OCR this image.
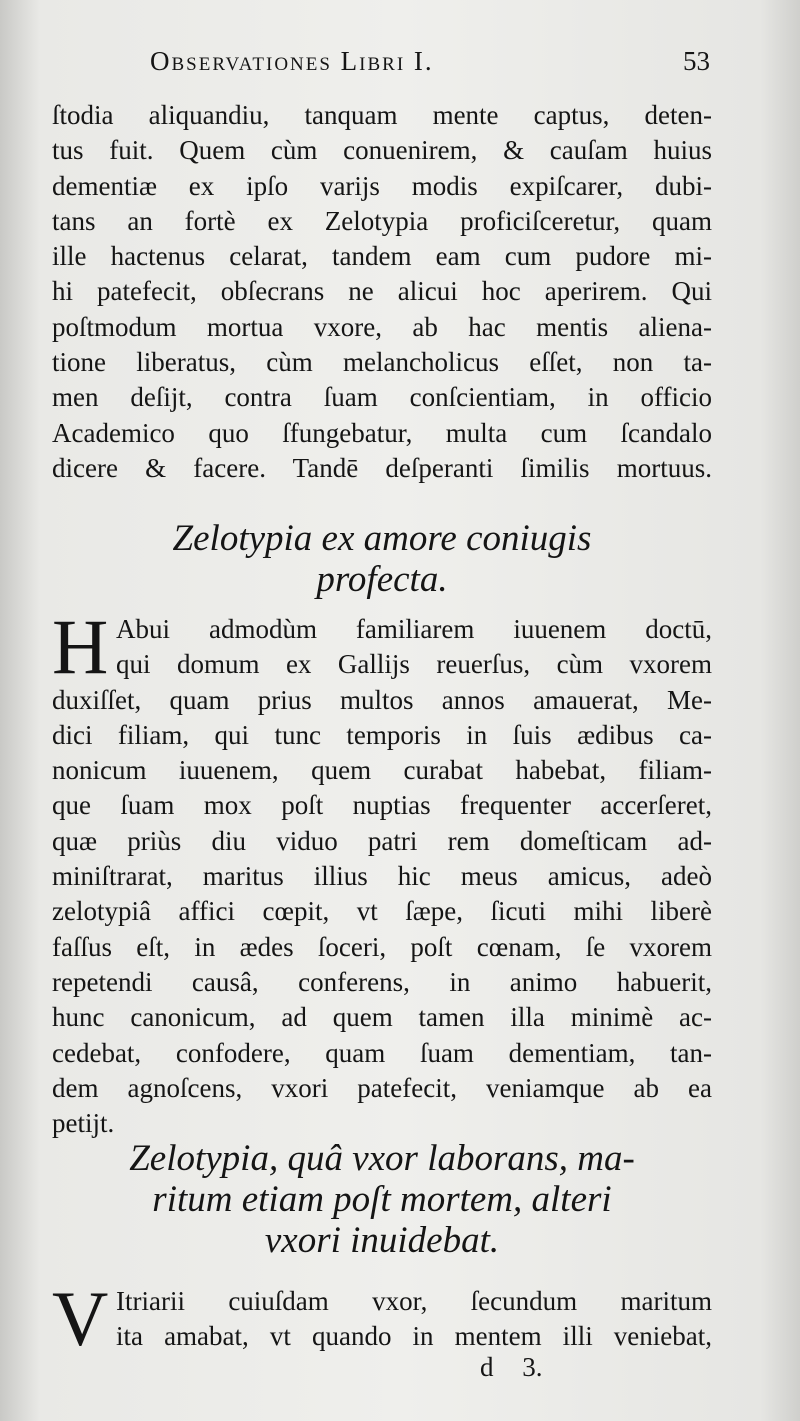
Observationes Libri I.	53
ſtodia aliquandiu, tanquam mente captus, deten-
tus fuit. Quem cùm conuenirem, & cauſam huius
dementiæ ex ipſo varijs modis expiſcarer, dubi-
tans an fortè ex Zelotypia proficiſceretur, quam
ille hactenus celarat, tandem eam cum pudore mi-
hi patefecit, obſecrans ne alicui hoc aperirem. Qui
poſtmodum mortua vxore, ab hac mentis aliena-
tione liberatus, cùm melancholicus eſſet, non ta-
men deſijt, contra ſuam conſcientiam, in officio
Academico quo ſfungebatur, multa cum ſcandalo
dicere & facere. Tandē deſperanti ſimilis mortuus.
Zelotypia ex amore coniugis
profecta.
H Abui admodùm familiarem iuuenem doctū,
qui domum ex Gallijs reuerſus, cùm vxorem
duxiſſet, quam prius multos annos amauerat, Me-
dici filiam, qui tunc temporis in ſuis ædibus ca-
nonicum iuuenem, quem curabat habebat, filiam-
que ſuam mox poſt nuptias frequenter accerſeret,
quæ priùs diu viduo patri rem domeſticam ad-
miniſtrarat, maritus illius hic meus amicus, adeò
zelotypiâ affici cœpit, vt ſæpe, ſicuti mihi liberè
faſſus eſt, in ædes ſoceri, poſt cœnam, ſe vxorem
repetendi causâ, conferens, in animo habuerit,
hunc canonicum, ad quem tamen illa minimè ac-
cedebat, confodere, quam ſuam dementiam, tan-
dem agnoſcens, vxori patefecit, veniamque ab ea
petijt.
Zelotypia, quâ vxor laborans, ma-
ritum etiam poſt mortem, alteri
vxori inuidebat.
V Itriarii cuiuſdam vxor, ſecundum maritum
ita amabat, vt quando in mentem illi veniebat,
d 3.
